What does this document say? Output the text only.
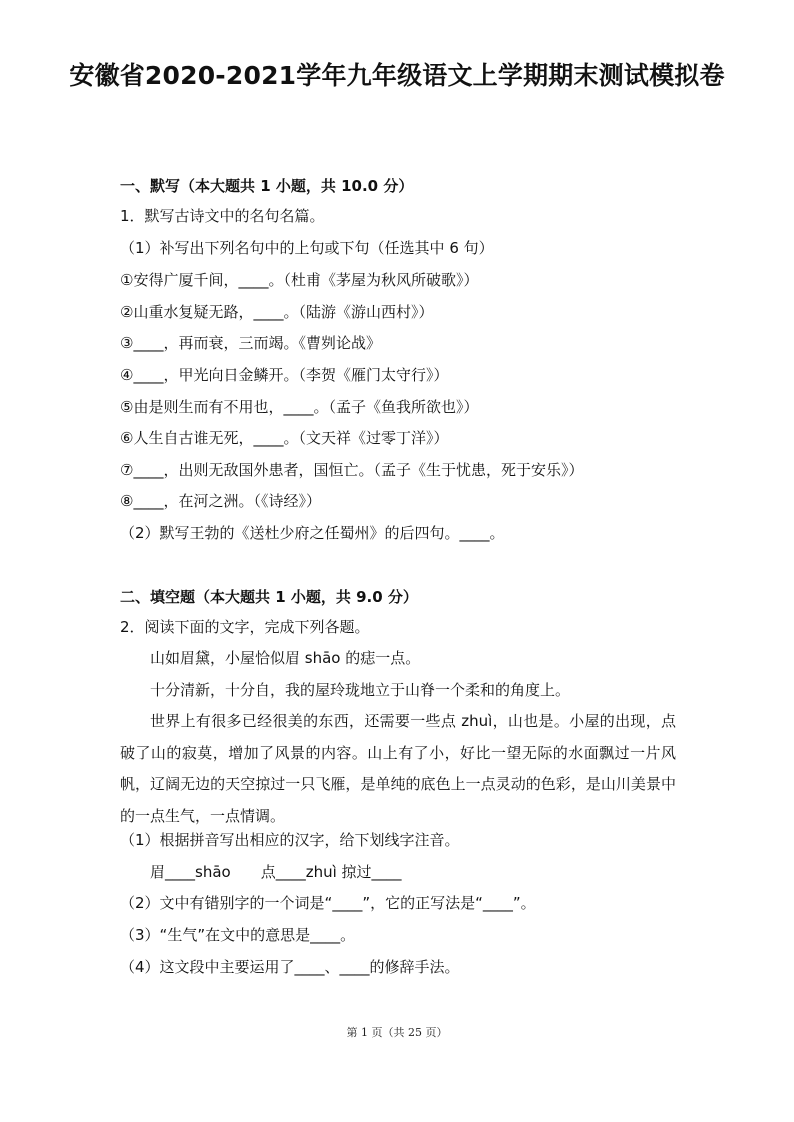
安徽省2020-2021学年九年级语文上学期期末测试模拟卷
一、默写（本大题共 1 小题，共 10.0 分）
1．默写古诗文中的名句名篇。
（1）补写出下列名句中的上句或下句（任选其中 6 句）
①安得广厦千间，____。（杜甫《茅屋为秋风所破歌》）
②山重水复疑无路，____。（陆游《游山西村》）
③____，再而衰，三而竭。《曹刿论战》
④____，甲光向日金鳞开。（李贺《雁门太守行》）
⑤由是则生而有不用也，____。（孟子《鱼我所欲也》）
⑥人生自古谁无死，____。（文天祥《过零丁洋》）
⑦____，出则无敌国外患者，国恒亡。（孟子《生于忧患，死于安乐》）
⑧____，在河之洲。（《诗经》）
（2）默写王勃的《送杜少府之任蜀州》的后四句。____。
二、填空题（本大题共 1 小题，共 9.0 分）
2．阅读下面的文字，完成下列各题。
山如眉黛，小屋恰似眉 shāo 的痣一点。
十分清新，十分自，我的屋玲珑地立于山脊一个柔和的角度上。
世界上有很多已经很美的东西，还需要一些点 zhuì，山也是。小屋的出现，点破了山的寂莫，增加了风景的内容。山上有了小，好比一望无际的水面飘过一片风帆，辽阔无边的天空掠过一只飞雁，是单纯的底色上一点灵动的色彩，是山川美景中的一点生气，一点情调。
（1）根据拼音写出相应的汉字，给下划线字注音。
眉____shāo　　点____zhuì 掠过____
（2）文中有错别字的一个词是“____”，它的正写法是“____”。
（3）“生气”在文中的意思是____。
（4）这文段中主要运用了____、____的修辞手法。
第 1 页（共 25 页）
